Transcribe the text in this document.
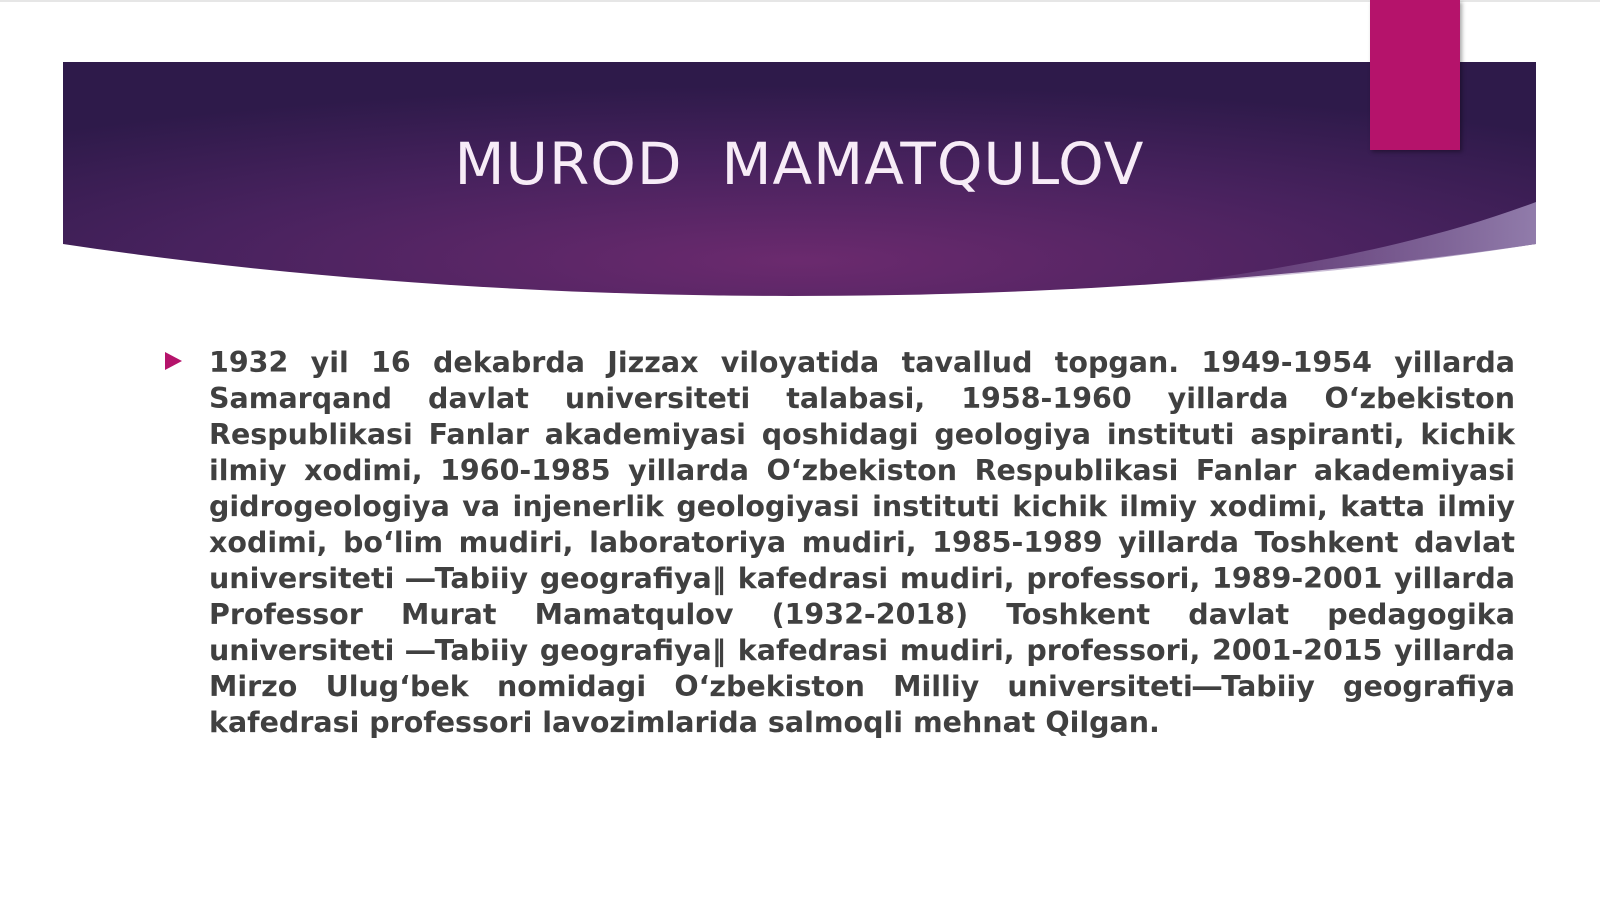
MUROD  MAMATQULOV

1932 yil 16 dekabrda Jizzax viloyatida tavallud topgan. 1949-1954 yillarda Samarqand davlat universiteti talabasi, 1958-1960 yillarda O‘zbekiston Respublikasi Fanlar akademiyasi qoshidagi geologiya instituti aspiranti, kichik ilmiy xodimi, 1960-1985 yillarda O‘zbekiston Respublikasi Fanlar akademiyasi gidrogeologiya va injenerlik geologiyasi instituti kichik ilmiy xodimi, katta ilmiy xodimi, bo‘lim mudiri, laboratoriya mudiri, 1985-1989 yillarda Toshkent davlat universiteti ―Tabiiy geografiya‖ kafedrasi mudiri, professori, 1989-2001 yillarda Professor Murat Mamatqulov (1932-2018) Toshkent davlat pedagogika universiteti ―Tabiiy geografiya‖ kafedrasi mudiri, professori, 2001-2015 yillarda Mirzo Ulug‘bek nomidagi O‘zbekiston Milliy universiteti―Tabiiy geografiya kafedrasi professori lavozimlarida salmoqli mehnat Qilgan.
